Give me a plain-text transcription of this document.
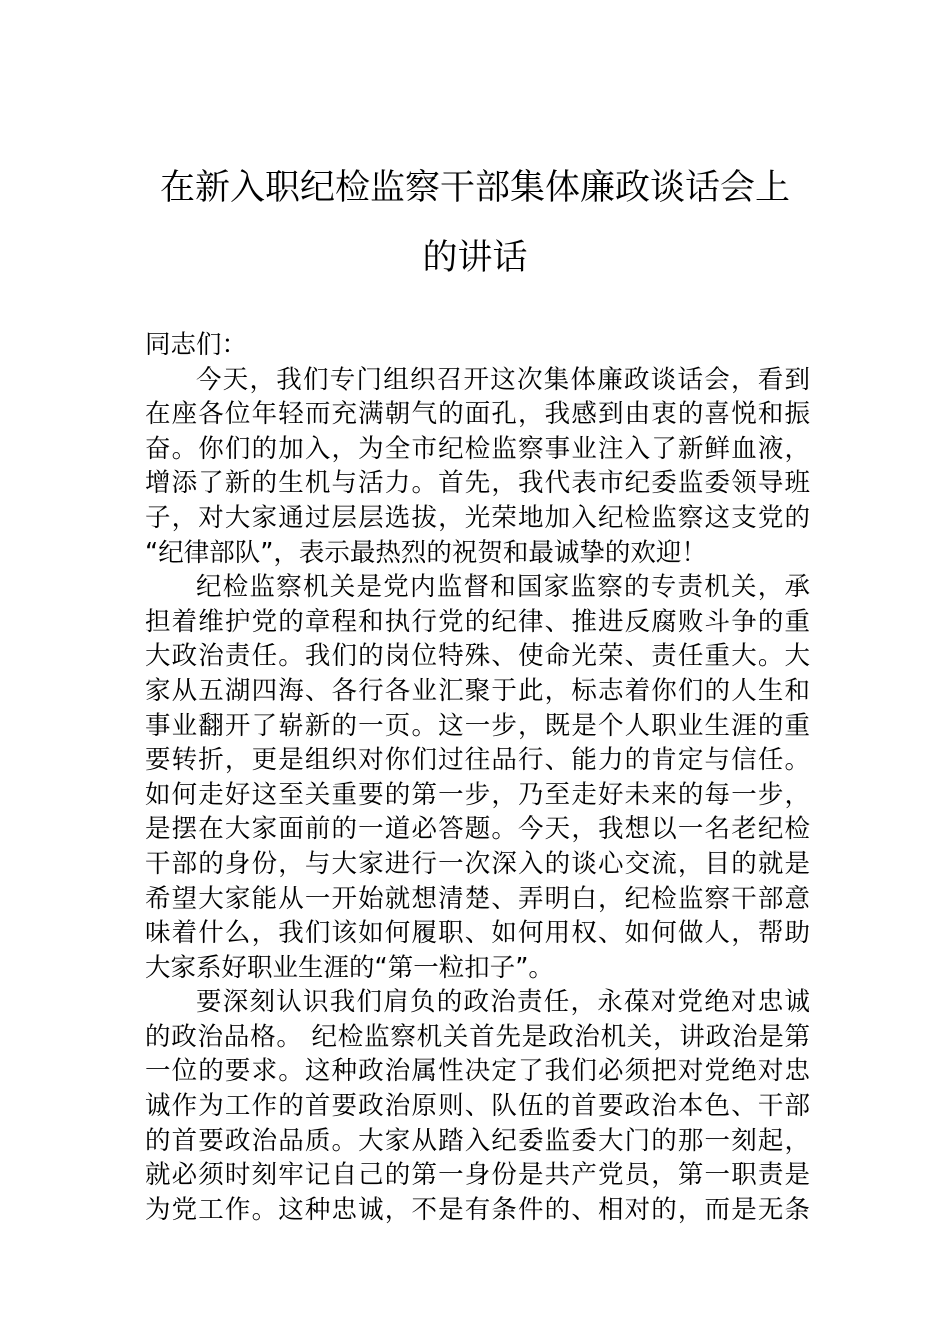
在新入职纪检监察干部集体廉政谈话会上
的讲话
同志们：
今天，我们专门组织召开这次集体廉政谈话会，看到
在座各位年轻而充满朝气的面孔，我感到由衷的喜悦和振
奋。你们的加入，为全市纪检监察事业注入了新鲜血液，
增添了新的生机与活力。首先，我代表市纪委监委领导班
子，对大家通过层层选拔，光荣地加入纪检监察这支党的
“纪律部队”，表示最热烈的祝贺和最诚挚的欢迎！
纪检监察机关是党内监督和国家监察的专责机关，承
担着维护党的章程和执行党的纪律、推进反腐败斗争的重
大政治责任。我们的岗位特殊、使命光荣、责任重大。大
家从五湖四海、各行各业汇聚于此，标志着你们的人生和
事业翻开了崭新的一页。这一步，既是个人职业生涯的重
要转折，更是组织对你们过往品行、能力的肯定与信任。
如何走好这至关重要的第一步，乃至走好未来的每一步，
是摆在大家面前的一道必答题。今天，我想以一名老纪检
干部的身份，与大家进行一次深入的谈心交流，目的就是
希望大家能从一开始就想清楚、弄明白，纪检监察干部意
味着什么，我们该如何履职、如何用权、如何做人，帮助
大家系好职业生涯的“第一粒扣子”。
要深刻认识我们肩负的政治责任，永葆对党绝对忠诚
的政治品格。 纪检监察机关首先是政治机关，讲政治是第
一位的要求。这种政治属性决定了我们必须把对党绝对忠
诚作为工作的首要政治原则、队伍的首要政治本色、干部
的首要政治品质。大家从踏入纪委监委大门的那一刻起，
就必须时刻牢记自己的第一身份是共产党员，第一职责是
为党工作。这种忠诚，不是有条件的、相对的，而是无条
